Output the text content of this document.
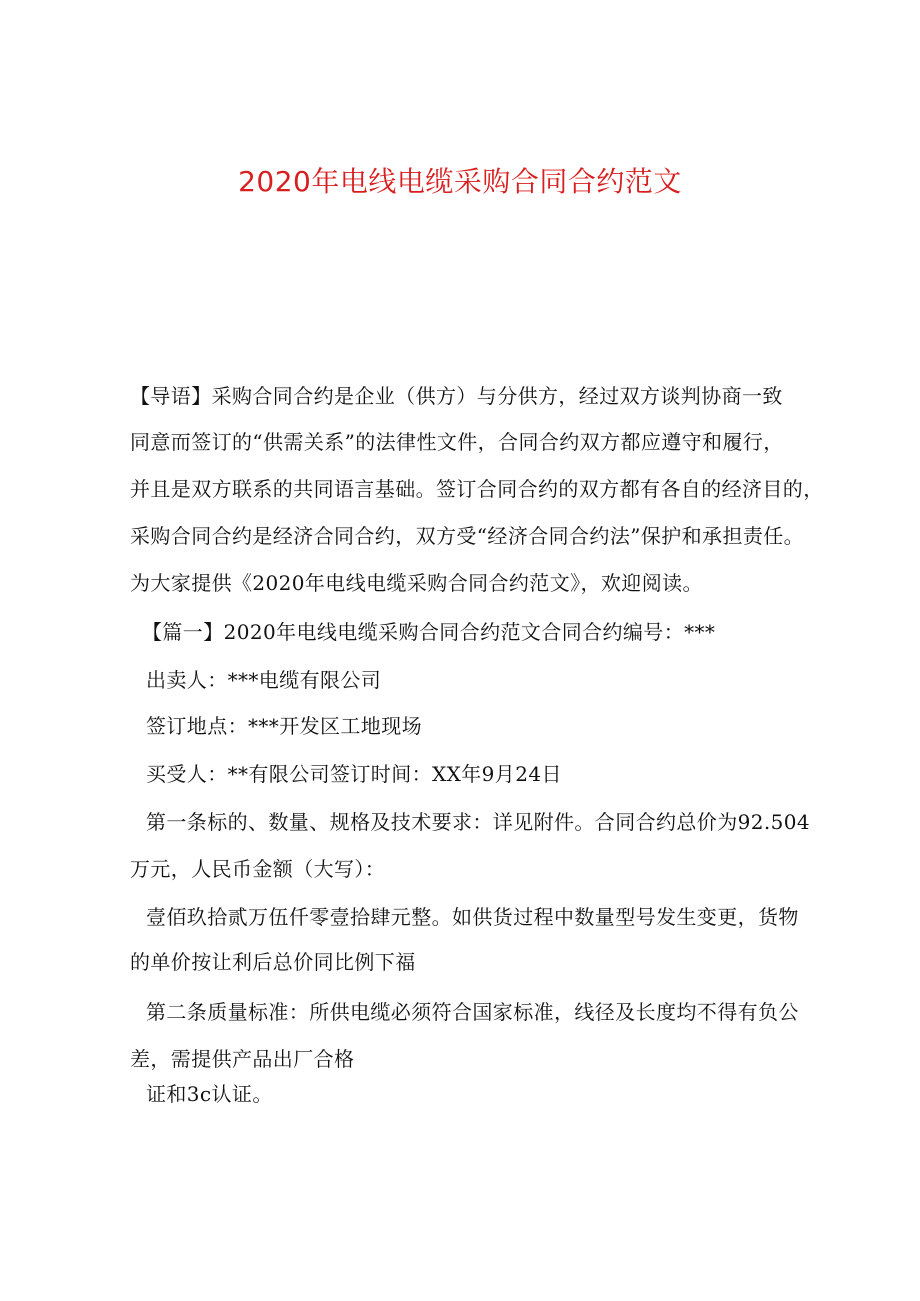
2020年电线电缆采购合同合约范文

【导语】采购合同合约是企业（供方）与分供方，经过双方谈判协商一致

同意而签订的“供需关系”的法律性文件，合同合约双方都应遵守和履行，

并且是双方联系的共同语言基础。签订合同合约的双方都有各自的经济目的，

采购合同合约是经济合同合约，双方受“经济合同合约法”保护和承担责任。

为大家提供《2020年电线电缆采购合同合约范文》，欢迎阅读。

【篇一】2020年电线电缆采购合同合约范文合同合约编号：***

出卖人：***电缆有限公司

签订地点：***开发区工地现场

买受人：**有限公司签订时间：XX年9月24日

第一条标的、数量、规格及技术要求：详见附件。合同合约总价为92.504

万元，人民币金额（大写）：

壹佰玖拾贰万伍仟零壹拾肆元整。如供货过程中数量型号发生变更，货物

的单价按让利后总价同比例下福

第二条质量标准：所供电缆必须符合国家标准，线径及长度均不得有负公

差，需提供产品出厂合格

证和3c认证。
